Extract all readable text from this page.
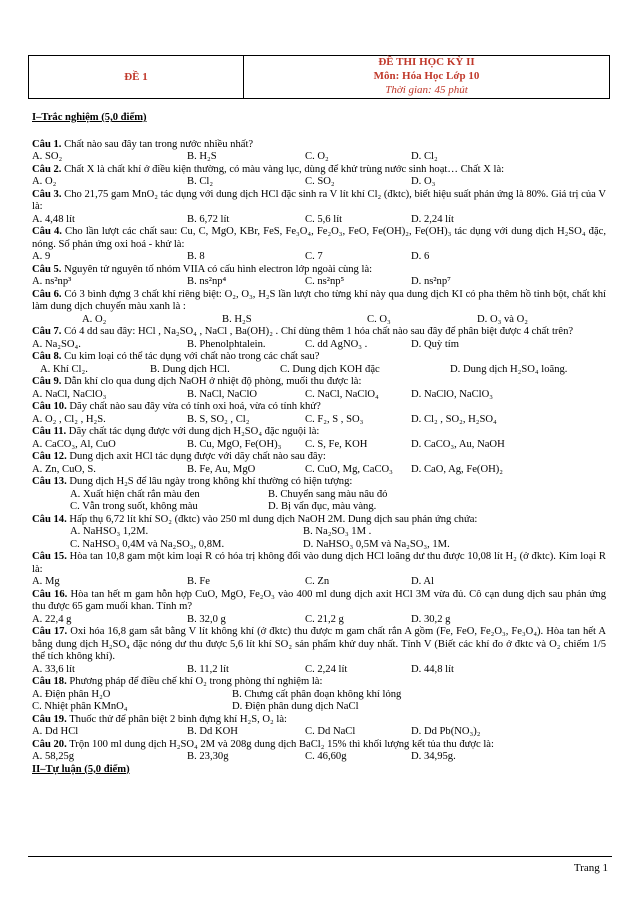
ĐỀ 1
ĐỀ THI HỌC KỲ II
Môn: Hóa Học Lớp 10
Thời gian: 45 phút
I–Trắc nghiệm (5,0 điểm)
Câu 1. Chất nào sau đây tan trong nước nhiều nhất?
A. SO₂	B. H₂S	C. O₂	D. Cl₂
Câu 2. Chất X là chất khí ở điều kiện thường, có màu vàng lục, dùng để khử trùng nước sinh hoạt… Chất X là:
A. O₂	B. Cl₂	C. SO₂	D. O₃
Câu 3. Cho 21,75 gam MnO₂ tác dụng với dung dịch HCl đặc sinh ra V lít khí Cl₂ (đktc), biết hiệu suất phản ứng là 80%. Giá trị của V là:
A. 4,48 lít	B. 6,72 lít	C. 5,6 lít	D. 2,24 lít
Câu 4. Cho lần lượt các chất sau: Cu, C, MgO, KBr, FeS, Fe₃O₄, Fe₂O₃, FeO, Fe(OH)₂, Fe(OH)₃ tác dụng với dung dịch H₂SO₄ đặc, nóng. Số phản ứng oxi hoá - khử là:
A. 9	B. 8	C. 7	D. 6
Câu 5. Nguyên tử nguyên tố nhóm VIIA có cấu hình electron lớp ngoài cùng là:
A. ns²np³	B. ns²np⁴	C. ns²np⁵	D. ns²np⁷
Câu 6. Có 3 bình đựng 3 chất khí riêng biệt: O₂, O₃, H₂S lần lượt cho từng khí này qua dung dịch KI có pha thêm hồ tinh bột, chất khí làm dung dịch chuyển màu xanh là :
A. O₂	B. H₂S	C. O₃	D. O₃ và O₂
Câu 7. Có 4 dd sau đây: HCl , Na₂SO₄ , NaCl , Ba(OH)₂ . Chỉ dùng thêm 1 hóa chất nào sau đây để phân biệt được 4 chất trên?
A. Na₂SO₄.	B. Phenolphtalein.	C. dd AgNO₃ .	D. Quỳ tím
Câu 8. Cu kim loại có thể tác dụng với chất nào trong các chất sau?
A. Khí Cl₂.	B. Dung dịch HCl.	C. Dung dịch KOH đặc	D. Dung dịch H₂SO₄ loãng.
Câu 9. Dẫn khí clo qua dung dịch NaOH ở nhiệt độ phòng, muối thu được là:
A. NaCl, NaClO₃	B. NaCl, NaClO	C. NaCl, NaClO₄	D. NaClO, NaClO₃
Câu 10. Dãy chất nào sau đây vừa có tính oxi hoá, vừa có tính khử?
A. O₂ , Cl₂ , H₂S.	B. S, SO₂ , Cl₂	C. F₂, S , SO₃	D. Cl₂ , SO₂, H₂SO₄
Câu 11. Dãy chất tác dụng được với dung dịch H₂SO₄ đặc nguội là:
A. CaCO₃, Al, CuO	B. Cu, MgO, Fe(OH)₃	C. S, Fe, KOH	D. CaCO₃, Au, NaOH
Câu 12. Dung dịch axit HCl tác dụng được với dãy chất nào sau đây:
A. Zn, CuO, S.	B. Fe, Au, MgO	C. CuO, Mg, CaCO₃	D. CaO, Ag, Fe(OH)₂
Câu 13. Dung dịch H₂S để lâu ngày trong không khí thường có hiện tượng:
A. Xuất hiện chất rắn màu đen	B. Chuyển sang màu nâu đỏ
C. Vẫn trong suốt, không màu	D. Bị vẩn đục, màu vàng.
Câu 14. Hấp thụ 6,72 lít khí SO₂ (đktc) vào 250 ml dung dịch NaOH 2M. Dung dịch sau phản ứng chứa:
A. NaHSO₃ 1,2M.	B. Na₂SO₃ 1M .
C. NaHSO₃ 0,4M và Na₂SO₃, 0,8M.	D. NaHSO₃ 0,5M và Na₂SO₃, 1M.
Câu 15. Hòa tan 10,8 gam một kim loại R có hóa trị không đổi vào dung dịch HCl loãng dư thu được 10,08 lít H₂ (ở đktc). Kim loại R là:
A. Mg	B. Fe	C. Zn	D. Al
Câu 16. Hòa tan hết m gam hỗn hợp CuO, MgO, Fe₂O₃ vào 400 ml dung dịch axit HCl 3M vừa đủ. Cô cạn dung dịch sau phản ứng thu được 65 gam muối khan. Tính m?
A. 22,4 g	B. 32,0 g	C. 21,2 g	D. 30,2 g
Câu 17. Oxi hóa 16,8 gam sắt bằng V lít không khí (ở đktc) thu được m gam chất rắn A gồm (Fe, FeO, Fe₂O₃, Fe₃O₄). Hòa tan hết A bằng dung dịch H₂SO₄ đặc nóng dư thu được 5,6 lít khí SO₂ sản phẩm khử duy nhất. Tính V (Biết các khí đo ở đktc và O₂ chiếm 1/5 thể tích không khí).
A. 33,6 lít	B. 11,2 lít	C. 2,24 lít	D. 44,8 lít
Câu 18. Phương pháp để điều chế khí O₂ trong phòng thí nghiệm là:
A. Điện phân H₂O	B. Chưng cất phân đoạn không khí lỏng
C. Nhiệt phân KMnO₄	D. Điện phân dung dịch NaCl
Câu 19. Thuốc thử để phân biệt 2 bình đựng khí H₂S, O₂ là:
A. Dd HCl	B. Dd KOH	C. Dd NaCl	D. Dd Pb(NO₃)₂
Câu 20. Trộn 100 ml dung dịch H₂SO₄ 2M và 208g dung dịch BaCl₂ 15% thì khối lượng kết tủa thu được là:
A. 58,25g	B. 23,30g	C. 46,60g	D. 34,95g.
II–Tự luận (5,0 điểm)
Trang 1
